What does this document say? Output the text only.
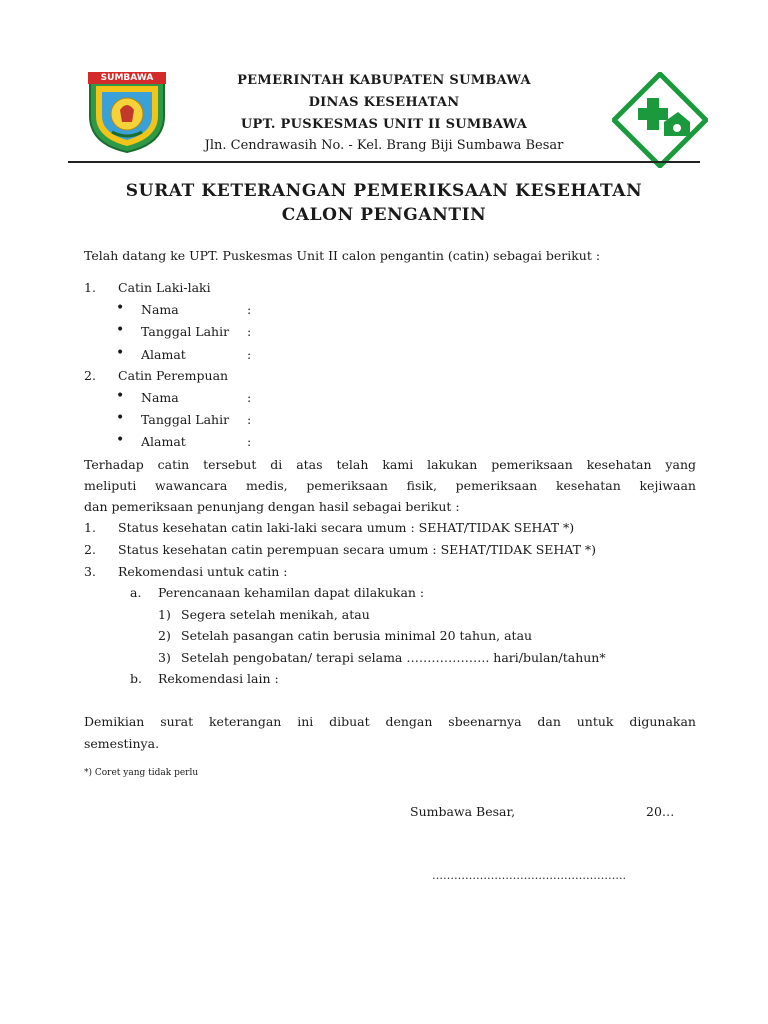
SUMBAWA	PEMERINTAH KABUPATEN SUMBAWA
DINAS KESEHATAN
UPT. PUSKESMAS UNIT II SUMBAWA
Jln. Cendrawasih No. - Kel. Brang Biji Sumbawa Besar
SURAT KETERANGAN PEMERIKSAAN KESEHATAN
CALON PENGANTIN
Telah datang ke UPT. Puskesmas Unit II calon pengantin (catin) sebagai berikut :
1. Catin Laki-laki
• Nama	:
• Tanggal Lahir :
• Alamat	:
2. Catin Perempuan
• Nama	:
• Tanggal Lahir :
• Alamat	:
Terhadap catin tersebut di atas telah kami lakukan pemeriksaan kesehatan yang
meliputi wawancara medis, pemeriksaan fisik, pemeriksaan kesehatan kejiwaan
dan pemeriksaan penunjang dengan hasil sebagai berikut :
1. Status kesehatan catin laki-laki secara umum : SEHAT/TIDAK SEHAT *)
2. Status kesehatan catin perempuan secara umum : SEHAT/TIDAK SEHAT *)
3. Rekomendasi untuk catin :
a. Perencanaan kehamilan dapat dilakukan :
1) Segera setelah menikah, atau
2) Setelah pasangan catin berusia minimal 20 tahun, atau
3) Setelah pengobatan/ terapi selama ……………….. hari/bulan/tahun*
b. Rekomendasi lain :
Demikian surat keterangan ini dibuat dengan sbeenarnya dan untuk digunakan
semestinya.
*) Coret yang tidak perlu
Sumbawa Besar,	20…
……………………………………………..
